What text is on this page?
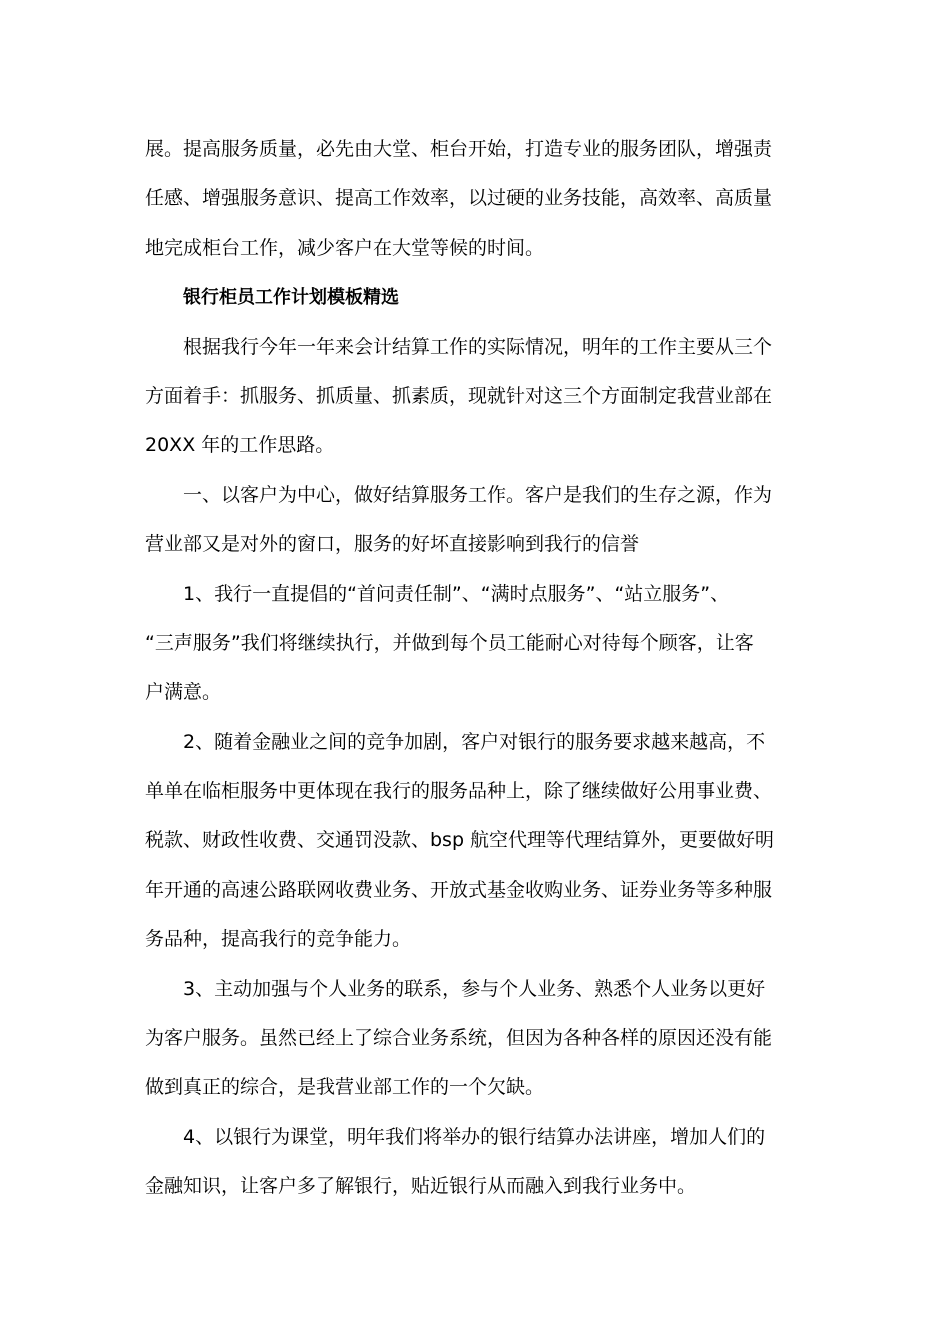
展。提高服务质量，必先由大堂、柜台开始，打造专业的服务团队，增强责
任感、增强服务意识、提高工作效率，以过硬的业务技能，高效率、高质量
地完成柜台工作，减少客户在大堂等候的时间。
银行柜员工作计划模板精选
根据我行今年一年来会计结算工作的实际情况，明年的工作主要从三个
方面着手：抓服务、抓质量、抓素质，现就针对这三个方面制定我营业部在
20XX 年的工作思路。
一、以客户为中心，做好结算服务工作。客户是我们的生存之源，作为
营业部又是对外的窗口，服务的好坏直接影响到我行的信誉
1、我行一直提倡的“首问责任制”、“满时点服务”、“站立服务”、
“三声服务”我们将继续执行，并做到每个员工能耐心对待每个顾客，让客
户满意。
2、随着金融业之间的竞争加剧，客户对银行的服务要求越来越高，不
单单在临柜服务中更体现在我行的服务品种上，除了继续做好公用事业费、
税款、财政性收费、交通罚没款、bsp 航空代理等代理结算外，更要做好明
年开通的高速公路联网收费业务、开放式基金收购业务、证券业务等多种服
务品种，提高我行的竞争能力。
3、主动加强与个人业务的联系，参与个人业务、熟悉个人业务以更好
为客户服务。虽然已经上了综合业务系统，但因为各种各样的原因还没有能
做到真正的综合，是我营业部工作的一个欠缺。
4、以银行为课堂，明年我们将举办的银行结算办法讲座，增加人们的
金融知识，让客户多了解银行，贴近银行从而融入到我行业务中。
